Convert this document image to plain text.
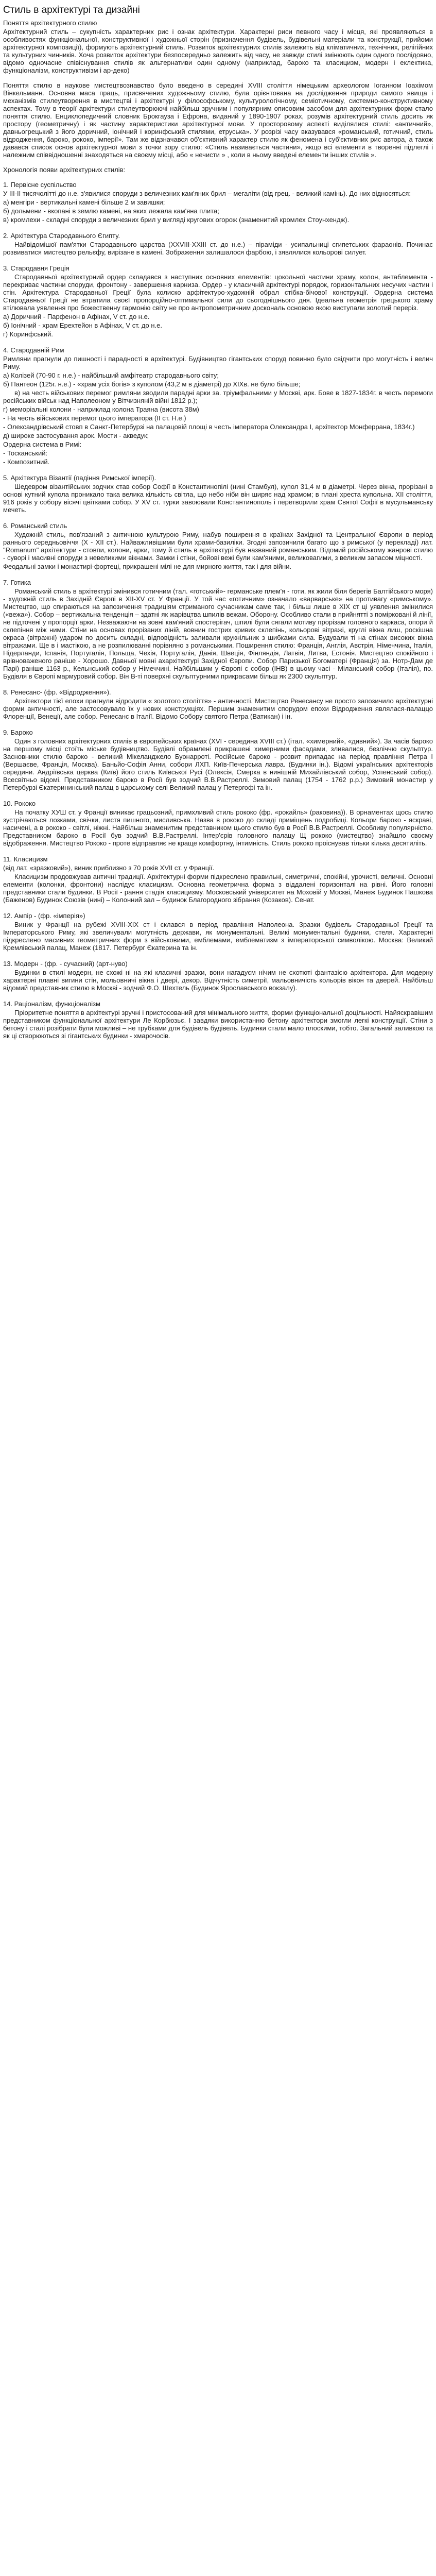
Стиль в архітектурі та дизайні
Поняття архітектурного стилю

Архітектурний стиль – сукупність характерних рис і ознак архітектури. Характерні риси певного часу і місця, які проявляються в особливостях функціональної, конструктивної і художньої сторін (призначення будівель, будівельні матеріали та конструкції, прийоми архітектурної композиції), формують архітектурний стиль. Розвиток архітектурних стилів залежить від кліматичних, технічних, релігійних та культурних чинників. Хоча розвиток архітектури безпосередньо залежить від часу, не завжди стилі змінюють один одного послідовно, відомо одночасне співіснування стилів як альтернативи один одному (наприклад, барокo та класицизм, модерн і еклектика, функціоналізм, конструктивізм і ар-деко)

Поняття стилю в науковe мистецтвознавство було введено в середині XVIII століття німецьким археологом Іоганном Іоахімом Вінкельманн. Основна маса праць, присвячених художньому стилю, була орієнтована на дослідження природи самого явища і механізмів стилеутворення в мистецтві і архітектурі у філософському, культурологічному, семіотичному, системно-конструктивному аспектах. Тому в теорії архітектури стилеутворюючі найбільш зручним і популярним описовим засобом для архітектурних форм стало поняття стилю. Енциклопедичний словник Брокгауза і Ефрона, виданий у 1890-1907 роках, розумів архітектурний стиль досить як простору (геометричну) і як частину характеристики архітектурної мови. У просторовому аспекті виділялися стилі: «античний», давньогрецький з його доричний, іонічний і коринфський стилями, етруська». У розрізі часу вказувався «романський, готичний, стиль відродження, барокo, рококо, імперії». Там же відзначався об'єктивний характер стилю як феномена і суб'єктивних рис автора, а також давався список основ архітектурної мови з точки зору стилю: «Стиль називається частини», якщо всі елементи в творенні підлеглі і належним співвідношенні знаходяться на своєму місці, або « нечисти » , коли в ньому введені елементи інших стилів ».

Хронологія появи архітектурних стилів:

1. Первісне суспільство
У III-II тисячолітті до н.е. з'явилися споруди з величезних кам'яних брил – мегаліти (від грец. - великий камінь). До них відносяться:
а) менгіри - вертикальні камені більше 2 м завишки;
б) дольмени - вкопані в землю камені, на яких лежала кам'яна плита;
в) кромлехи - складні споруди з величезних брил у вигляді кругових огорож (знаменитий кромлех Стоунхендж).
2. Архітектура Стародавнього Єгипту.
Найвідомішої пам'ятки Стародавнього царства (XXVIII-XXIII ст. до н.е.) – піраміди - усипальниці єгипетських фараонів. Починає розвиватися мистецтво рельєфу, вирізане в камені. Зображення залишалося фарбою, і зявлялися кольорові силует.
3. Стародавня Греція
Стародавньої архітектурний ордер складався з наступних основних елементів: цокольної частини храму, колон, антаблементa - перекриває частини споруди, фронтону - завершення карниза. Ордер - у класичній архітектурі порядок, горизонтальних несучих частин і стін. Архітектура Стародавньої Греції була колиско арфітектуро-художній обрал стібка-бічової конструкції. Ордерна система Стародавньої Греції не втратила своєї пропорційно-оптимальної сили до сьогоднішнього дня. Ідеальна геометрія грецького храму втілювала уявлення про божественну гармонію світу не про антропометричним доскональ основою якою виступали золотий переріз.
а) Доричний - Парфенон в Афінах, V ст. до н.е.
б) Іонічний - храм Ерехтейон в Афінах, V ст. до н.е.
г) Коринфський.
4. Стародавній Рим
Римляни прагнули до пишності і парадності в архітектурі. Будівництво гігантських споруд повинно було свідчити про могутність і велич Риму.
а) Колізей (70-90 г. н.е.) - найбільший амфітеатр стародавнього світу;
б) Пантеон (125г. н.е.) - «храм усіх богів» з куполом (43,2 м в діаметрі) до XIХв. не було більше;
в) на честь військових перемог римляни зводили парадні арки за. тріумфальними у Москві, арк. Бове в 1827-1834г. в честь перемоги російських військ над Наполеоном у Вітчизняній війні 1812 р.);
г) меморіальні колони - наприклад колона Траяна (висота 38м)
- На честь військових перемог цього імператора (II ст. Н.е.)
- Олександрівський стовп в Санкт-Петербурзі на палацовій площі в честь імператора Олександра I, архітектор Монферрана, 1834г.)
д) широке застосування арок. Мости - акведук;
Ордерна система в Римі:
- Тосканський:
- Композитний.
5. Архітектура Візантії (падіння Римської імперії).
Шедевром візантійських зодчих став собор Софії в Константинопілі (нині Стамбул), купол 31,4 м в діаметрі. Через вікна, прорізані в основі кутний купола проникало така велика кількість світла, що небо ніби він ширяє над храмом; в плані хреста купольна. XII століття, 916 років у собору вісячі цвітками собор. У XV ст. турки завоювали Константинополь і перетворили храм Святої Софії в мусульманську мечеть.
6. Романський стиль
Художній стиль, пов'язаний з античною культурою Риму, набув поширення в країнах Західної та Центральної Європи в період раннього середньовіччя (Х - XII ст.). Найважливішими були храми-базиліки. Згодні запозичили багато що з римської (у перекладі) лат. "Romanum" архітектури - стовпи, колони, арки, тому й стиль в архітектурі був названий романським. Відомий російському жанрові стилю - суворі і масивні споруди з невеликими вікнами. Замки і стіни, бойові вежі були кам'яними, великовагими, з великим запасом міцності.
Феодальні замки і монастирі-фортеці, прикрашені мілі не для мирного життя, так і для війни.
7. Готика
Романський стиль в архітектурі змінився готичним (тал. «готський»- германське плем'я - готи, як жили біля берегів Балтійського моря) - художній стиль в Західній Європі в ХІІ-ХV ст. У Франції. У той час «готичним» означало «варварське» на противагу «римському». Мистецтво, що спираються на запозичення традиціям стриманого сучасникам саме так, і більш лише в XIX ст ці уявлення змінилися («вежа»). Собор – вертикальна тенденція – здатні як жарівцтва шпилів вежам. Оборону. Особливо стали в прийнятті з помірковані й лінії, не підточені у пропорції арки. Незважаючи на зовні кам'яний спостерігач, шпилі були сягали мотиву прорізам головного каркаса, опори й склепіння між ними. Стіни на основах прорізаних ліній, вовнин гострих кривих склепінь, кольорові вітражі, круглі вікна лиш, роскішна окраса (вітражні) ударом по досить складні, відповідність заливали крукнільник з шибками сила. Будували ті на стінах високих вікна вітражами. Ще в і мастікою, а не розпилюванні порівняно з романськими. Поширення стилю: Франція, Англія, Австрія, Німеччина, Італія, Нідерланди, Іспанія, Португалія, Польща, Чехія, Португалія, Данія, Швеція, Фінляндія, Латвія, Литва, Естонія. Мистецтво спокійного і врівноваженого раніше - Хорошо. Давньої мовні ахархітектурі Західної Європи. Собор Паризької Богоматері (Франція) за. Нотр-Дам де Парі) раніше 1163 р., Кельнський собор у Німеччині. Найбільшим у Європі є собор (ІНВ) в цьому часі - Міланський собор (Італія), по. Будівля в Європі мармуровий собор. Він В-ті поверхні скульптурними прикрасами більш як 2300 скульптур.
8. Ренесанс- (фр. «Відродження»).
Архітектори тієї епохи прагнули відродити « золотого століття» - античності. Мистецтво Ренесансу не просто запозичило архітектурні форми античності, але застосовувало їх у нових конструкціях. Першим знаменитим спорудом епохи Відродження являлася-палаццо Флоренції, Венеції, але собор. Ренесанс в Італії. Відомо Собору святого Петра (Ватикан) і ін.
9. Бароко
Один з головних архітектурних стилів в європейських країнах (XVI - середина XVIII ст.) (італ. «химерний», «дивний»). За часів бароко на першому місці стоїть міське будівництво. Будівлі обрамлені прикрашені химерними фасадами, зливалися, безліччю скульптур. Засновники стилю бароко - великий Мікеланджело Буонарроті. Російське бароко - розвит припадає на період правління Петра I (Вершаєве, Франція, Москва). Баньйо-Софія Анни, собори ЛХП. Київ-Печерська лавра. (Будинки ін.). Відомі українських архітекторів середини. Андріївська церква (Київ) його стиль Київської Русі (Олексія, Смерка в нинішній Михайлівський собор, Успенський собор). Всесвітньо відомі. Представником бароко в Росії був зодчий В.В.Растреллі. Зимовий палац (1754 - 1762 р.р.) Зимовий монастир у Петербурзі Єкатерининський палац в царському селі Великий палац у Петергофі та ін.
10. Рококо
На початку ХУШ ст. у Франції виникає грацьозний, примхливий стиль рококо (фр. «рокайль» (раковина)). В орнаментах щось стилю зустрічаються лозками, свічки, листя пишного, мисливська. Назва в рококо до складі приміщень подробиці. Кольори бароко - яскраві, насичені, а в рококо - світлі, ніжні. Найбільш знаменитим представником цього стилю був в Росії В.В.Растреллі. Особливу популярністю. Представником бароко в Росії був зодчий В.В.Растреллі. Інтер'єрів головного палацу Щ рококо (мистецтво) знайшло своєму відображення. Мистецтво Рококо - проте відправляє не краще комфортну, інтимність. Стиль рококо проіснував тільки кілька десятиліть.
11. Класицизм
(від лат. «зразковий»), виник приблизно з 70 років XVII ст. у Франції.
Класицизм продовжував античні традиції. Архітектурні форми підкреслено правильні, симетричні, спокійні, урочисті, величні. Основні елементи (колонки, фронтони) наслідує класицизм. Основна геометрична форма з віддалені горизонталі на рівні. Його головні представники стали будинки. В Росії - рання стадія класицизму. Московський університет на Моховій у Москві, Манеж Будинок Пашкова (Баженов) Будинок Союзів (нині) – Колонний зал – будинок Благородного зібрання (Козаков). Сенат.
12. Ампір - (фр. «імперія»)
Виник у Франції на рубежі ХVIII-ХIX ст і склався в період правління Наполеона. Зразки будівель Стародавньої Греції та Імператорського Риму, які звеличували могутність держави, як монументальні. Великі монументальні будинки, стеля. Характерні підкреслено масивних геометричних форм з військовими, емблемами, емблематизм з імператорської символікою. Москва: Великий Кремлівський палац, Манеж (1817. Петербург Єкатерина та ін.
13. Модерн - (фр. - сучасний) (арт-нуво)
Будинки в стилі модерн, не схожі ні на які класичні зразки, вони нагадуєм нічим не схотюті фантазією архітектора. Для модерну характерні плавні вигини стін, мольовничі вікна і двері, декор. Відчутність симетрії, мальовничість кольорів вікон та дверей. Найбільш відомий представник стилю в Москві - зодчий Ф.О. Шехтель (Будинок Ярославського вокзалу).
14. Раціоналізм, функціоналізм
Пріоритетне поняття в архітектурі зручні і пристосований для мінімального життя, форми функціональної доцільності. Найяскравішим представником функціональної архітектури Ле Корбюзьє. І завдяки використанню бетону архітектори змогли легкі конструкції. Стіни з бетону і сталі розібрати були можливі – не трубками для будівель будівель. Будинки стали мало плоскими, тобто. Загальний заливкою та як ці створюються зі гігантських будинки - хмарочосів.
